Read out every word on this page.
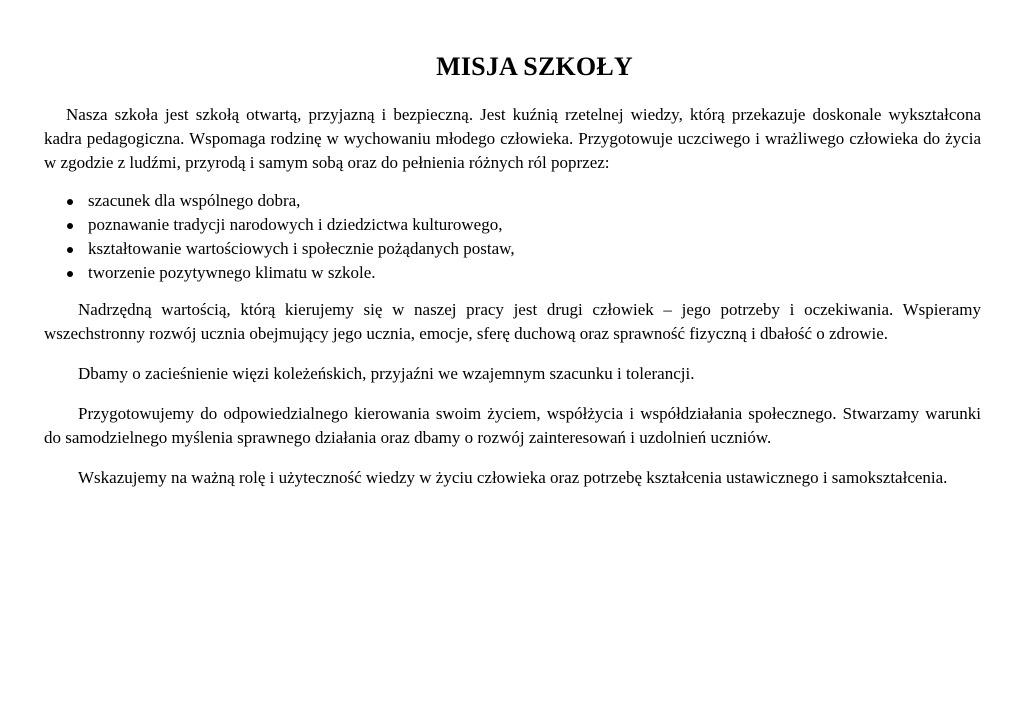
MISJA SZKOŁY

Nasza szkoła jest szkołą otwartą, przyjazną i bezpieczną. Jest kuźnią rzetelnej wiedzy, którą przekazuje doskonale wykształcona kadra pedagogiczna. Wspomaga rodzinę w wychowaniu młodego człowieka. Przygotowuje uczciwego i wrażliwego człowieka do życia w zgodzie z ludźmi, przyrodą i samym sobą oraz do pełnienia różnych ról poprzez:

szacunek dla wspólnego dobra,
poznawanie tradycji narodowych i dziedzictwa kulturowego,
kształtowanie wartościowych i społecznie pożądanych postaw,
tworzenie pozytywnego klimatu w szkole.

Nadrzędną wartością, którą kierujemy się w naszej pracy jest drugi człowiek – jego potrzeby i oczekiwania. Wspieramy wszechstronny rozwój ucznia obejmujący jego ucznia, emocje, sferę duchową oraz sprawność fizyczną i dbałość o zdrowie.

Dbamy o zacieśnienie więzi koleżeńskich, przyjaźni we wzajemnym szacunku i tolerancji.

Przygotowujemy do odpowiedzialnego kierowania swoim życiem, współżycia i współdziałania społecznego. Stwarzamy warunki do samodzielnego myślenia sprawnego działania oraz dbamy o rozwój zainteresowań i uzdolnień uczniów.

Wskazujemy na ważną rolę i użyteczność wiedzy w życiu człowieka oraz potrzebę kształcenia ustawicznego i samokształcenia.
